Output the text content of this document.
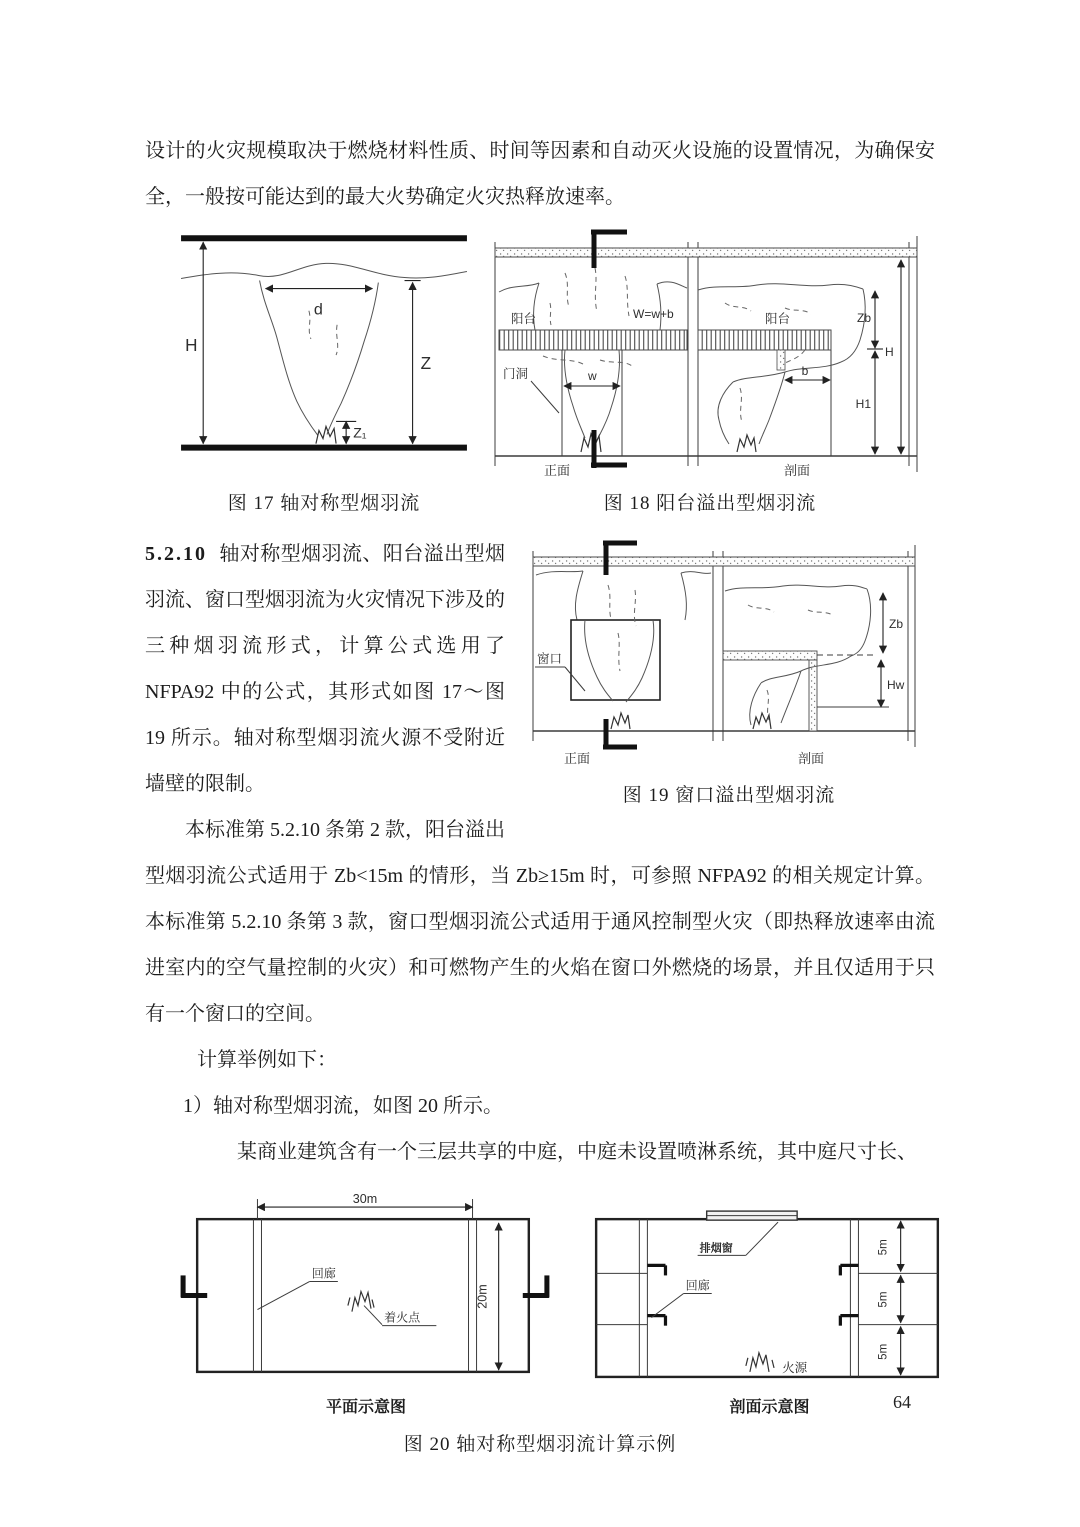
设计的火灾规模取决于燃烧材料性质、时间等因素和自动灭火设施的设置情况，为确保安全，一般按可能达到的最大火势确定火灾热释放速率。

H
d
Z
Z₁
图 17 轴对称型烟羽流
w
阳台	W=w+b
门洞
正面
阳台
b
Zb
H1
H
剖面
图 18 阳台溢出型烟羽流
窗口
正面
Zb
Hw
剖面
图 19 窗口溢出型烟羽流

5.2.10 轴对称型烟羽流、阳台溢出型烟羽流、窗口型烟羽流为火灾情况下涉及的三种烟羽流形式，计算公式选用了 NFPA92 中的公式，其形式如图 17～图 19 所示。轴对称型烟羽流火源不受附近墙壁的限制。

本标准第 5.2.10 条第 2 款，阳台溢出型烟羽流公式适用于 Zb<15m 的情形，当 Zb≥15m 时，可参照 NFPA92 的相关规定计算。本标准第 5.2.10 条第 3 款，窗口型烟羽流公式适用于通风控制型火灾（即热释放速率由流进室内的空气量控制的火灾）和可燃物产生的火焰在窗口外燃烧的场景，并且仅适用于只有一个窗口的空间。

计算举例如下：

1）轴对称型烟羽流，如图 20 所示。

某商业建筑含有一个三层共享的中庭，中庭未设置喷淋系统，其中庭尺寸长、

30m
20m
回廊
着火点
平面示意图
排烟窗
回廊
火源
5m
5m
5m
剖面示意图
图 20 轴对称型烟羽流计算示例
64
